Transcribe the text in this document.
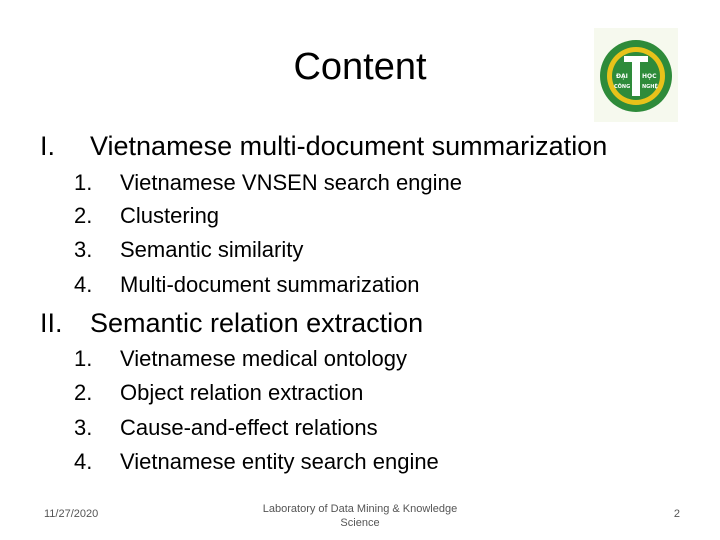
Content	ĐẠI HỌC
CÔNG NGHỆ
I. Vietnamese multi-document summarization
1. Vietnamese VNSEN search engine
2. Clustering
3. Semantic similarity
4. Multi-document summarization
II. Semantic relation extraction
1. Vietnamese medical ontology
2. Object relation extraction
3. Cause-and-effect relations
4. Vietnamese entity search engine
11/27/2020	Laboratory of Data Mining & Knowledge
Science
2
